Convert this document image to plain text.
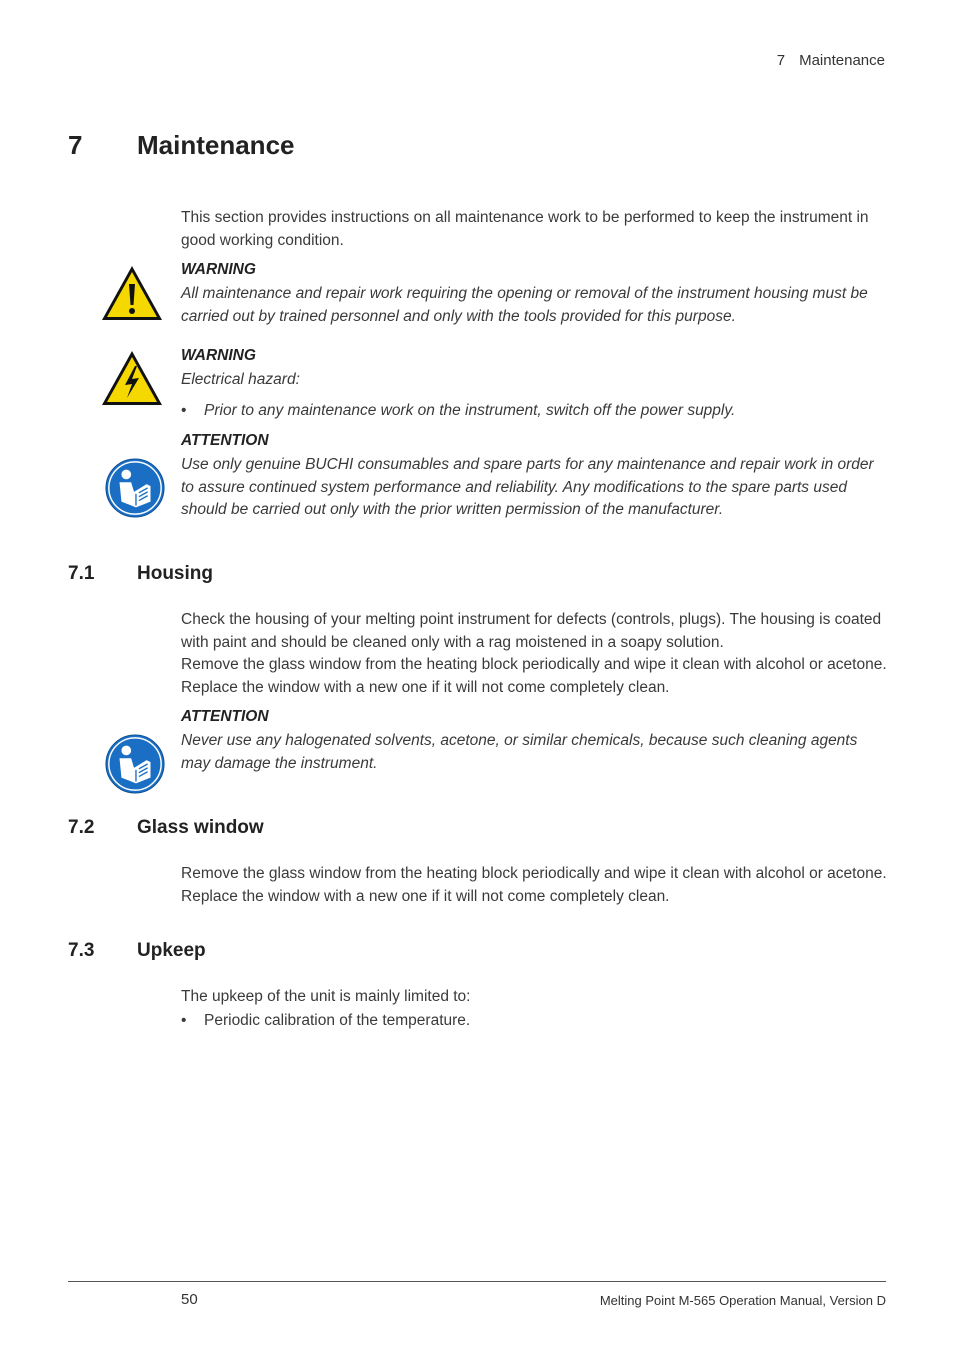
7 Maintenance
7 Maintenance
This section provides instructions on all maintenance work to be performed to keep the instrument in good working condition.
WARNING
All maintenance and repair work requiring the opening or removal of the instrument housing must be carried out by trained personnel and only with the tools provided for this purpose.
WARNING
Electrical hazard:
• Prior to any maintenance work on the instrument, switch off the power supply.
ATTENTION
Use only genuine BUCHI consumables and spare parts for any maintenance and repair work in order to assure continued system performance and reliability. Any modifications to the spare parts used should be carried out only with the prior written permission of the manufacturer.
7.1 Housing
Check the housing of your melting point instrument for defects (controls, plugs). The housing is coated with paint and should be cleaned only with a rag moistened in a soapy solution.
Remove the glass window from the heating block periodically and wipe it clean with alcohol or acetone. Replace the window with a new one if it will not come completely clean.
ATTENTION
Never use any halogenated solvents, acetone, or similar chemicals, because such cleaning agents may damage the instrument.
7.2 Glass window
Remove the glass window from the heating block periodically and wipe it clean with alcohol or acetone. Replace the window with a new one if it will not come completely clean.
7.3 Upkeep
The upkeep of the unit is mainly limited to:
• Periodic calibration of the temperature.
50	Melting Point M-565 Operation Manual, Version D
